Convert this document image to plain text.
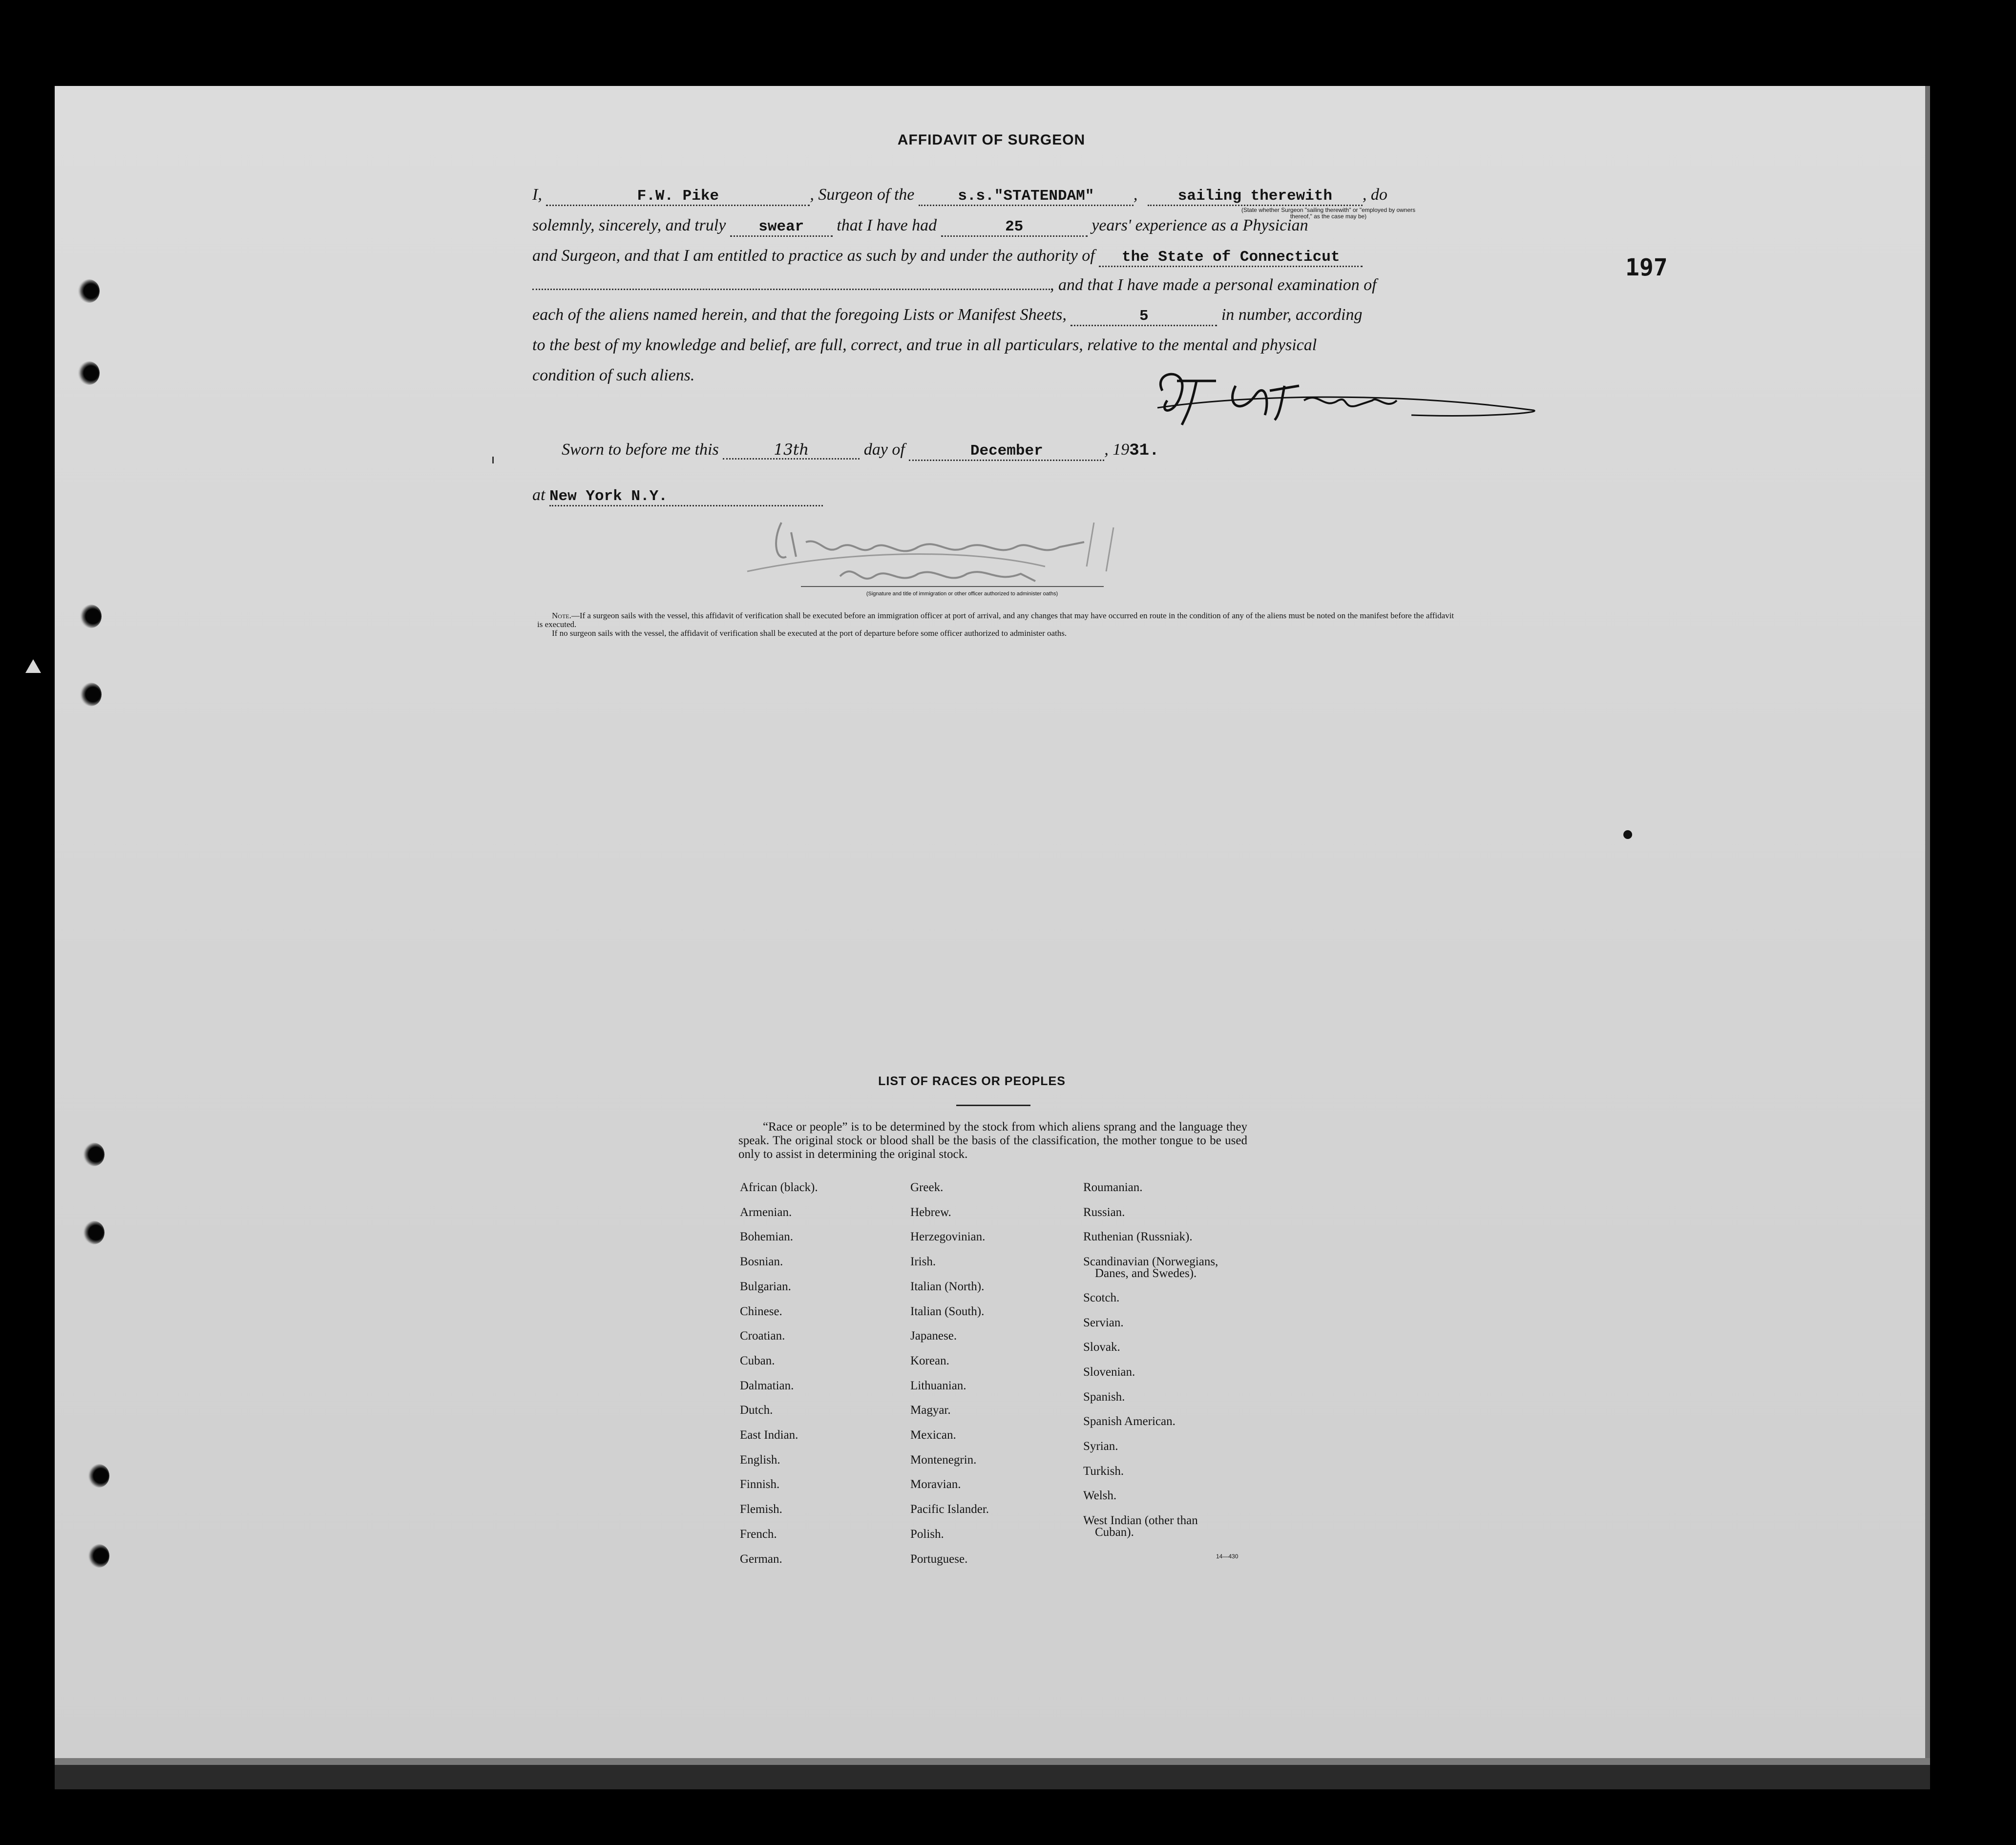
AFFIDAVIT OF SURGEON
197
I,	F.W. Pike	, Surgeon of the	s.s."STATENDAM" ,	sailing therewith , do
(State whether Surgeon "sailing therewith" or "employed by owners thereof," as the case may be)
solemnly, sincerely, and truly swear that I have had	25	years' experience as a Physician
and Surgeon, and that I am entitled to practice as such by and under the authority of the State of Connecticut
, and that I have made a personal examination of
each of the aliens named herein, and that the foregoing Lists or Manifest Sheets,	5	in number, according
to the best of my knowledge and belief, are full, correct, and true in all particulars, relative to the mental and physical
condition of such aliens.
Sworn to before me this	13th	day of	December	, 1931.
at New York N.Y.
(Signature and title of immigration or other officer authorized to administer oaths)
Note.—If a surgeon sails with the vessel, this affidavit of verification shall be executed before an immigration officer at port of arrival, and any changes that may have occurred en route in the condition of any of the aliens must be noted on the manifest before the affidavit is executed.
If no surgeon sails with the vessel, the affidavit of verification shall be executed at the port of departure before some officer authorized to administer oaths.
LIST OF RACES OR PEOPLES
“Race or people” is to be determined by the stock from which aliens sprang and the language they speak. The original stock or blood shall be the basis of the classification, the mother tongue to be used only to assist in determining the original stock.
African (black).
Armenian.
Bohemian.
Bosnian.
Bulgarian.
Chinese.
Croatian.
Cuban.
Dalmatian.
Dutch.
East Indian.
English.
Finnish.
Flemish.
French.
German.
Greek.
Hebrew.
Herzegovinian.
Irish.
Italian (North).
Italian (South).
Japanese.
Korean.
Lithuanian.
Magyar.
Mexican.
Montenegrin.
Moravian.
Pacific Islander.
Polish.
Portuguese.
Roumanian.
Russian.
Ruthenian (Russniak).
Scandinavian (Norwegians,
Danes, and Swedes).
Scotch.
Servian.
Slovak.
Slovenian.
Spanish.
Spanish American.
Syrian.
Turkish.
Welsh.
West Indian (other than
Cuban).
14—430
